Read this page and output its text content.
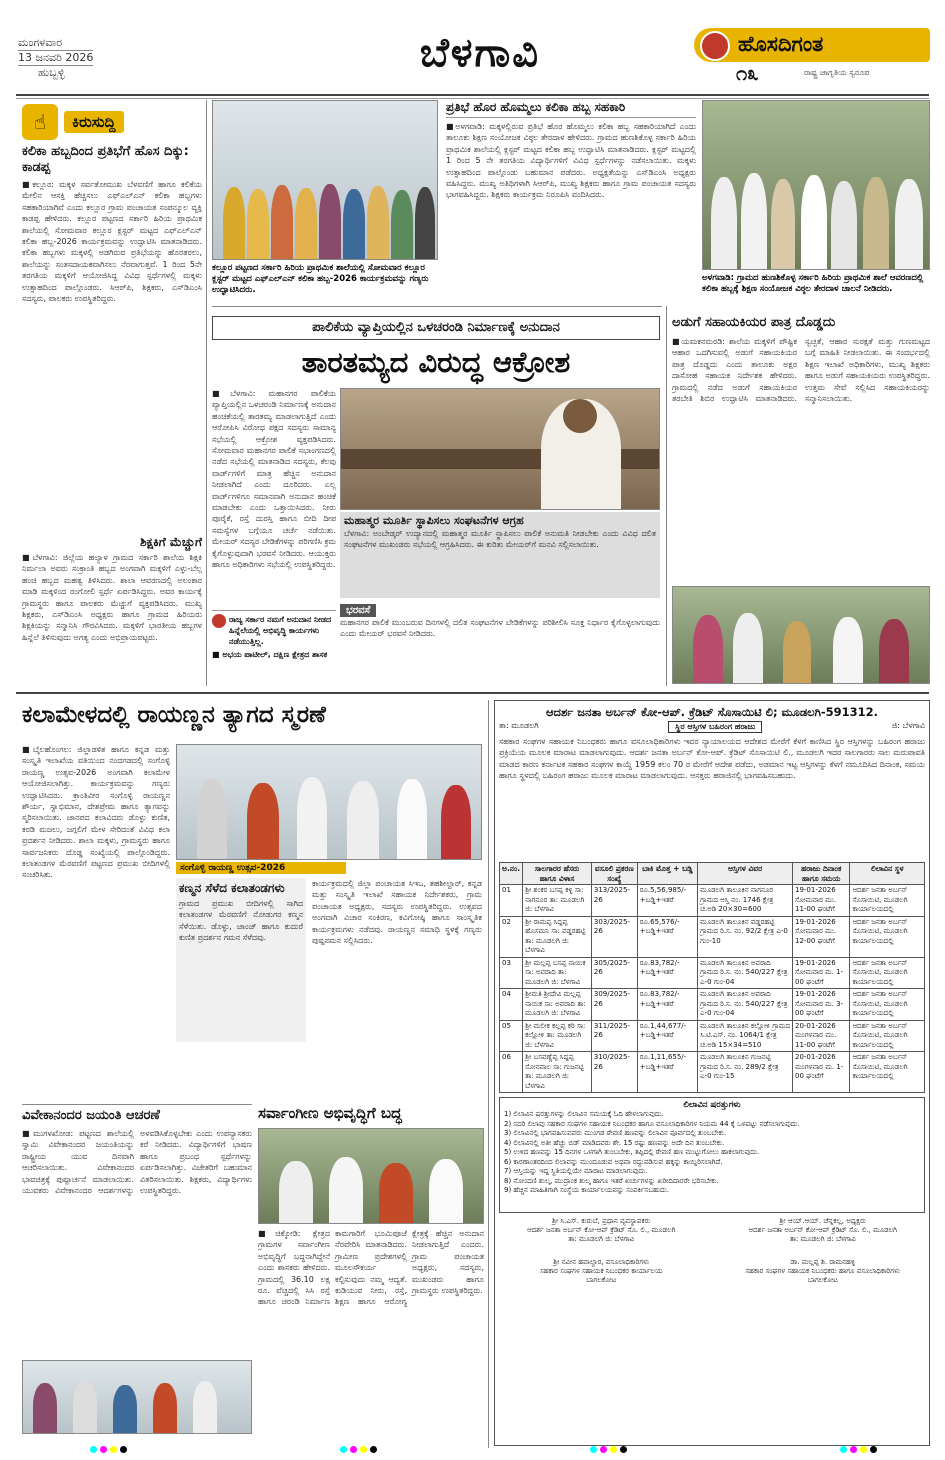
ಮಂಗಳವಾರ
13 ಜನವರಿ 2026
ಹುಬ್ಬಳ್ಳಿ	ಬೆಳಗಾವಿ	ಹೊಸದಿಗಂತ
೧೩	ರಾಷ್ಟ್ರ ಜಾಗೃತಿಯ ಸ್ವರೂಪ
☝	ಕಿರುಸುದ್ದಿ
ಕಲಿಕಾ ಹಬ್ಬದಿಂದ ಪ್ರತಿಭೆಗೆ ಹೊಸ ದಿಕ್ಕು: ಕಾಡಪ್ಪ
■ಕಲ್ಲೂರ: ಮಕ್ಕಳ ಸರ್ವತೋಮುಖ ಬೆಳವಣಿಗೆ ಹಾಗೂ ಕಲಿಕೆಯ ಮೇಲಿನ ಆಸಕ್ತಿ ಹೆಚ್ಚಿಸಲು ಎಫ್‌ಎಲ್‌ಎನ್ ಕಲಿಕಾ ಹಬ್ಬಗಳು ಸಹಕಾರಿಯಾಗಿವೆ ಎಂದು ಕಲ್ಲೂರ ಗ್ರಾಮ ಪಂಚಾಯತ ಸಂಪನ್ಮೂಲ ವ್ಯಕ್ತಿ ಕಾಡಪ್ಪ ಹೇಳಿದರು. ಕಲ್ಲೂರ ಪಟ್ಟಣದ ಸರ್ಕಾರಿ ಹಿರಿಯ ಪ್ರಾಥಮಿಕ ಶಾಲೆಯಲ್ಲಿ ಸೋಮವಾರ ಕಲ್ಲೂರ ಕ್ಲಸ್ಟರ್ ಮಟ್ಟದ ಎಫ್‌ಎಲ್‌ಎನ್ ಕಲಿಕಾ ಹಬ್ಬ-2026 ಕಾರ್ಯಕ್ರಮವನ್ನು ಉದ್ಘಾಟಿಸಿ ಮಾತನಾಡಿದರು. ಕಲಿಕಾ ಹಬ್ಬಗಳು ಮಕ್ಕಳಲ್ಲಿ ಅಡಗಿರುವ ಪ್ರತಿಭೆಯನ್ನು ಹೊರತರಲು, ಶಾಲೆಯನ್ನು ಸಂತಸದಾಯಕವಾಗಿಸಲು ನೆರವಾಗುತ್ತವೆ. 1 ರಿಂದ 5ನೇ ತರಗತಿಯ ಮಕ್ಕಳಿಗೆ ಆಯೋಜಿಸಿದ್ದ ವಿವಿಧ ಸ್ಪರ್ಧೆಗಳಲ್ಲಿ ಮಕ್ಕಳು ಉತ್ಸಾಹದಿಂದ ಪಾಲ್ಗೊಂಡರು. ಸಿಆರ್‌ಪಿ, ಶಿಕ್ಷಕರು, ಎಸ್‌ಡಿಎಂಸಿ ಸದಸ್ಯರು, ಪಾಲಕರು ಉಪಸ್ಥಿತರಿದ್ದರು.
ಶಿಕ್ಷಕಿಗೆ ಮೆಚ್ಚುಗೆ
■ಬೆಳಗಾವಿ: ಜಿಲ್ಲೆಯ ಹಲ್ಯಾಳ ಗ್ರಾಮದ ಸರ್ಕಾರಿ ಶಾಲೆಯ ಶಿಕ್ಷಕಿ ನಿರ್ಮಲಾ ಅವರು ಸಂಕ್ರಾಂತಿ ಹಬ್ಬದ ಅಂಗವಾಗಿ ಮಕ್ಕಳಿಗೆ ಎಳ್ಳು-ಬೆಲ್ಲ ಹಂಚಿ ಹಬ್ಬದ ಮಹತ್ವ ತಿಳಿಸಿದರು. ಶಾಲಾ ಆವರಣದಲ್ಲಿ ಅಲಂಕಾರ ಮಾಡಿ ಮಕ್ಕಳಿಂದ ರಂಗೋಲಿ ಸ್ಪರ್ಧೆ ಏರ್ಪಡಿಸಿದ್ದರು. ಅವರ ಕಾರ್ಯಕ್ಕೆ ಗ್ರಾಮಸ್ಥರು ಹಾಗೂ ಪಾಲಕರು ಮೆಚ್ಚುಗೆ ವ್ಯಕ್ತಪಡಿಸಿದರು. ಮುಖ್ಯ ಶಿಕ್ಷಕರು, ಎಸ್‌ಡಿಎಂಸಿ ಅಧ್ಯಕ್ಷರು ಹಾಗೂ ಗ್ರಾಮದ ಹಿರಿಯರು ಶಿಕ್ಷಕಿಯನ್ನು ಸನ್ಮಾನಿಸಿ ಗೌರವಿಸಿದರು. ಮಕ್ಕಳಿಗೆ ಭಾರತೀಯ ಹಬ್ಬಗಳ ಹಿನ್ನೆಲೆ ತಿಳಿಸುವುದು ಅಗತ್ಯ ಎಂದು ಅಭಿಪ್ರಾಯಪಟ್ಟರು.
ಕಲ್ಲೂರ ಪಟ್ಟಣದ ಸರ್ಕಾರಿ ಹಿರಿಯ ಪ್ರಾಥಮಿಕ ಶಾಲೆಯಲ್ಲಿ ಸೋಮವಾರ ಕಲ್ಲೂರ ಕ್ಲಸ್ಟರ್ ಮಟ್ಟದ ಎಫ್‌ಎಲ್‌ಎನ್ ಕಲಿಕಾ ಹಬ್ಬ-2026 ಕಾರ್ಯಕ್ರಮವನ್ನು ಗಣ್ಯರು ಉದ್ಘಾಟಿಸಿದರು.
ಪ್ರತಿಭೆ ಹೊರ ಹೊಮ್ಮಲು ಕಲಿಕಾ ಹಬ್ಬ ಸಹಕಾರಿ
■ಅಳಗವಾಡಿ: ಮಕ್ಕಳಲ್ಲಿರುವ ಪ್ರತಿಭೆ ಹೊರ ಹೊಮ್ಮಲು ಕಲಿಕಾ ಹಬ್ಬ ಸಹಕಾರಿಯಾಗಿದೆ ಎಂದು ತಾಲೂಕು ಶಿಕ್ಷಣ ಸಂಯೋಜಕ ವಿಠ್ಠಲ ತೇರದಾಳ ಹೇಳಿದರು. ಗ್ರಾಮದ ಹುಣಶಿಕೊಳ್ಳ ಸರ್ಕಾರಿ ಹಿರಿಯ ಪ್ರಾಥಮಿಕ ಶಾಲೆಯಲ್ಲಿ ಕ್ಲಸ್ಟರ್ ಮಟ್ಟದ ಕಲಿಕಾ ಹಬ್ಬ ಉದ್ಘಾಟಿಸಿ ಮಾತನಾಡಿದರು. ಕ್ಲಸ್ಟರ್ ಮಟ್ಟದಲ್ಲಿ 1 ರಿಂದ 5 ನೇ ತರಗತಿಯ ವಿದ್ಯಾರ್ಥಿಗಳಿಗೆ ವಿವಿಧ ಸ್ಪರ್ಧೆಗಳನ್ನು ನಡೆಸಲಾಯಿತು. ಮಕ್ಕಳು ಉತ್ಸಾಹದಿಂದ ಪಾಲ್ಗೊಂಡು ಬಹುಮಾನ ಪಡೆದರು. ಅಧ್ಯಕ್ಷತೆಯನ್ನು ಎಸ್‌ಡಿಎಂಸಿ ಅಧ್ಯಕ್ಷರು ವಹಿಸಿದ್ದರು. ಮುಖ್ಯ ಅತಿಥಿಗಳಾಗಿ ಸಿಆರ್‌ಪಿ, ಮುಖ್ಯ ಶಿಕ್ಷಕರು ಹಾಗೂ ಗ್ರಾಮ ಪಂಚಾಯತ ಸದಸ್ಯರು ಭಾಗವಹಿಸಿದ್ದರು. ಶಿಕ್ಷಕರು ಕಾರ್ಯಕ್ರಮ ನಿರೂಪಿಸಿ ವಂದಿಸಿದರು.
ಅಳಗವಾಡಿ: ಗ್ರಾಮದ ಹುಣಶಿಕೊಳ್ಳ ಸರ್ಕಾರಿ ಹಿರಿಯ ಪ್ರಾಥಮಿಕ ಶಾಲೆ ಆವರಣದಲ್ಲಿ ಕಲಿಕಾ ಹಬ್ಬಕ್ಕೆ ಶಿಕ್ಷಣ ಸಂಯೋಜಕ ವಿಠ್ಠಲ ತೇರದಾಳ ಚಾಲನೆ ನೀಡಿದರು.
ಪಾಲಿಕೆಯ ವ್ಯಾಪ್ತಿಯಲ್ಲಿನ ಒಳಚರಂಡಿ ನಿರ್ಮಾಣಕ್ಕೆ ಅನುದಾನ
ತಾರತಮ್ಯದ ವಿರುದ್ಧ ಆಕ್ರೋಶ
■ಬೆಳಗಾವಿ: ಮಹಾನಗರ ಪಾಲಿಕೆಯ ವ್ಯಾಪ್ತಿಯಲ್ಲಿನ ಒಳಚರಂಡಿ ನಿರ್ಮಾಣಕ್ಕೆ ಅನುದಾನ ಹಂಚಿಕೆಯಲ್ಲಿ ತಾರತಮ್ಯ ಮಾಡಲಾಗುತ್ತಿದೆ ಎಂದು ಆರೋಪಿಸಿ ವಿರೋಧ ಪಕ್ಷದ ಸದಸ್ಯರು ಸಾಮಾನ್ಯ ಸಭೆಯಲ್ಲಿ ಆಕ್ರೋಶ ವ್ಯಕ್ತಪಡಿಸಿದರು. ಸೋಮವಾರ ಮಹಾನಗರ ಪಾಲಿಕೆ ಸಭಾಂಗಣದಲ್ಲಿ ನಡೆದ ಸಭೆಯಲ್ಲಿ ಮಾತನಾಡಿದ ಸದಸ್ಯರು, ಕೆಲವು ವಾರ್ಡ್‌ಗಳಿಗೆ ಮಾತ್ರ ಹೆಚ್ಚಿನ ಅನುದಾನ ನೀಡಲಾಗಿದೆ ಎಂದು ದೂರಿದರು. ಎಲ್ಲ ವಾರ್ಡ್‌ಗಳಿಗೂ ಸಮಾನವಾಗಿ ಅನುದಾನ ಹಂಚಿಕೆ ಮಾಡಬೇಕು ಎಂದು ಒತ್ತಾಯಿಸಿದರು. ನೀರು ಪೂರೈಕೆ, ರಸ್ತೆ ದುರಸ್ತಿ ಹಾಗೂ ಬೀದಿ ದೀಪ ಸಮಸ್ಯೆಗಳ ಬಗ್ಗೆಯೂ ಚರ್ಚೆ ನಡೆಯಿತು. ಮೇಯರ್ ಸದಸ್ಯರ ಬೇಡಿಕೆಗಳನ್ನು ಪರಿಗಣಿಸಿ ಕ್ರಮ ಕೈಗೊಳ್ಳುವುದಾಗಿ ಭರವಸೆ ನೀಡಿದರು. ಆಯುಕ್ತರು ಹಾಗೂ ಅಧಿಕಾರಿಗಳು ಸಭೆಯಲ್ಲಿ ಉಪಸ್ಥಿತರಿದ್ದರು.
ಮಹಾತ್ಮರ ಮೂರ್ತಿ ಸ್ಥಾಪಿಸಲು ಸಂಘಟನೆಗಳ ಆಗ್ರಹ
ಬೆಳಗಾವಿ: ಅಂಬೇಡ್ಕರ್ ಉದ್ಯಾನದಲ್ಲಿ ಮಹಾತ್ಮರ ಮೂರ್ತಿ ಸ್ಥಾಪಿಸಲು ಪಾಲಿಕೆ ಅನುಮತಿ ನೀಡಬೇಕು ಎಂದು ವಿವಿಧ ದಲಿತ ಸಂಘಟನೆಗಳ ಮುಖಂಡರು ಸಭೆಯಲ್ಲಿ ಆಗ್ರಹಿಸಿದರು. ಈ ಕುರಿತು ಮೇಯರ್‌ಗೆ ಮನವಿ ಸಲ್ಲಿಸಲಾಯಿತು.
ರಾಜ್ಯ ಸರ್ಕಾರ ನಮಗೆ ಅನುದಾನ ನೀಡದ ಹಿನ್ನೆಲೆಯಲ್ಲಿ ಅಭಿವೃದ್ಧಿ ಕಾರ್ಯಗಳು ನಡೆಯುತ್ತಿಲ್ಲ.
■ ಅಭಯ ಪಾಟೀಲ್, ದಕ್ಷಿಣ ಕ್ಷೇತ್ರದ ಶಾಸಕ
ಭರವಸೆ
ಮಹಾನಗರ ಪಾಲಿಕೆ ಮುಂಬರುವ ದಿನಗಳಲ್ಲಿ ದಲಿತ ಸಂಘಟನೆಗಳ ಬೇಡಿಕೆಗಳನ್ನು ಪರಿಶೀಲಿಸಿ ಸೂಕ್ತ ನಿರ್ಧಾರ ಕೈಗೊಳ್ಳಲಾಗುವುದು ಎಂದು ಮೇಯರ್ ಭರವಸೆ ನೀಡಿದರು.
ಅಡುಗೆ ಸಹಾಯಕಿಯರ ಪಾತ್ರ ದೊಡ್ಡದು
■ಯಮಕನಮರಡಿ: ಶಾಲೆಯ ಮಕ್ಕಳಿಗೆ ಪೌಷ್ಟಿಕ ಆಹಾರ ಒದಗಿಸುವಲ್ಲಿ ಅಡುಗೆ ಸಹಾಯಕಿಯರ ಪಾತ್ರ ದೊಡ್ಡದು ಎಂದು ತಾಲೂಕು ಅಕ್ಷರ ದಾಸೋಹ ಸಹಾಯಕ ನಿರ್ದೇಶಕ ಹೇಳಿದರು. ಗ್ರಾಮದಲ್ಲಿ ನಡೆದ ಅಡುಗೆ ಸಹಾಯಕಿಯರ ತರಬೇತಿ ಶಿಬಿರ ಉದ್ಘಾಟಿಸಿ ಮಾತನಾಡಿದರು. ಸ್ವಚ್ಛತೆ, ಆಹಾರ ಸುರಕ್ಷತೆ ಮತ್ತು ಗುಣಮಟ್ಟದ ಬಗ್ಗೆ ಮಾಹಿತಿ ನೀಡಲಾಯಿತು. ಈ ಸಂದರ್ಭದಲ್ಲಿ ಶಿಕ್ಷಣ ಇಲಾಖೆ ಅಧಿಕಾರಿಗಳು, ಮುಖ್ಯ ಶಿಕ್ಷಕರು ಹಾಗೂ ಅಡುಗೆ ಸಹಾಯಕಿಯರು ಉಪಸ್ಥಿತರಿದ್ದರು. ಉತ್ತಮ ಸೇವೆ ಸಲ್ಲಿಸಿದ ಸಹಾಯಕಿಯರನ್ನು ಸನ್ಮಾನಿಸಲಾಯಿತು.
ಕಲಾಮೇಳದಲ್ಲಿ ರಾಯಣ್ಣನ ತ್ಯಾಗದ ಸ್ಮರಣೆ
■ಬೈಲಹೊಂಗಲ: ಜಿಲ್ಲಾಡಳಿತ ಹಾಗೂ ಕನ್ನಡ ಮತ್ತು ಸಂಸ್ಕೃತಿ ಇಲಾಖೆಯ ವತಿಯಿಂದ ನಂದಗಡದಲ್ಲಿ ಸಂಗೊಳ್ಳಿ ರಾಯಣ್ಣ ಉತ್ಸವ-2026 ಅಂಗವಾಗಿ ಕಲಾಮೇಳ ಆಯೋಜಿಸಲಾಗಿತ್ತು. ಕಾರ್ಯಕ್ರಮವನ್ನು ಗಣ್ಯರು ಉದ್ಘಾಟಿಸಿದರು. ಕ್ರಾಂತಿವೀರ ಸಂಗೊಳ್ಳಿ ರಾಯಣ್ಣನ ಶೌರ್ಯ, ಸ್ವಾಭಿಮಾನ, ದೇಶಪ್ರೇಮ ಹಾಗೂ ತ್ಯಾಗವನ್ನು ಸ್ಮರಿಸಲಾಯಿತು. ಜಾನಪದ ಕಲಾವಿದರು ಡೊಳ್ಳು ಕುಣಿತ, ಕರಡಿ ಮಜಲು, ಜಗ್ಗಲಿಗೆ ಮೇಳ ಸೇರಿದಂತೆ ವಿವಿಧ ಕಲಾ ಪ್ರದರ್ಶನ ನೀಡಿದರು. ಶಾಲಾ ಮಕ್ಕಳು, ಗ್ರಾಮಸ್ಥರು ಹಾಗೂ ಸಾರ್ವಜನಿಕರು ದೊಡ್ಡ ಸಂಖ್ಯೆಯಲ್ಲಿ ಪಾಲ್ಗೊಂಡಿದ್ದರು. ಕಲಾತಂಡಗಳ ಮೆರವಣಿಗೆ ಪಟ್ಟಣದ ಪ್ರಮುಖ ಬೀದಿಗಳಲ್ಲಿ ಸಂಚರಿಸಿತು.
ಸಂಗೊಳ್ಳಿ ರಾಯಣ್ಣ ಉತ್ಸವ-2026
ಕಣ್ಮನ ಸೆಳೆದ ಕಲಾತಂಡಗಳು
ಗ್ರಾಮದ ಪ್ರಮುಖ ಬೀದಿಗಳಲ್ಲಿ ಸಾಗಿದ ಕಲಾತಂಡಗಳ ಮೆರವಣಿಗೆ ನೋಡುಗರ ಕಣ್ಮನ ಸೆಳೆಯಿತು. ಡೊಳ್ಳು, ಜಾಂಜ್ ಹಾಗೂ ಕುದುರೆ ಕುಣಿತ ಪ್ರದರ್ಶನ ಗಮನ ಸೆಳೆದವು.
ಕಾರ್ಯಕ್ರಮದಲ್ಲಿ ಜಿಲ್ಲಾ ಪಂಚಾಯತ ಸಿಇಒ, ತಹಶೀಲ್ದಾರ್, ಕನ್ನಡ ಮತ್ತು ಸಂಸ್ಕೃತಿ ಇಲಾಖೆ ಸಹಾಯಕ ನಿರ್ದೇಶಕರು, ಗ್ರಾಮ ಪಂಚಾಯತ ಅಧ್ಯಕ್ಷರು, ಸದಸ್ಯರು ಉಪಸ್ಥಿತರಿದ್ದರು. ಉತ್ಸವದ ಅಂಗವಾಗಿ ವಿಚಾರ ಸಂಕಿರಣ, ಕವಿಗೋಷ್ಠಿ ಹಾಗೂ ಸಾಂಸ್ಕೃತಿಕ ಕಾರ್ಯಕ್ರಮಗಳು ನಡೆದವು. ರಾಯಣ್ಣನ ಸಮಾಧಿ ಸ್ಥಳಕ್ಕೆ ಗಣ್ಯರು ಪುಷ್ಪನಮನ ಸಲ್ಲಿಸಿದರು.
ವಿವೇಕಾನಂದರ ಜಯಂತಿ ಆಚರಣೆ
■ಮುಗಳಖೋಡ: ಪಟ್ಟಣದ ಶಾಲೆಯಲ್ಲಿ ಸ್ವಾಮಿ ವಿವೇಕಾನಂದರ ಜಯಂತಿಯನ್ನು ರಾಷ್ಟ್ರೀಯ ಯುವ ದಿನವಾಗಿ ಆಚರಿಸಲಾಯಿತು. ವಿವೇಕಾನಂದರ ಭಾವಚಿತ್ರಕ್ಕೆ ಪುಷ್ಪಾರ್ಚನೆ ಮಾಡಲಾಯಿತು. ಯುವಕರು ವಿವೇಕಾನಂದರ ಆದರ್ಶಗಳನ್ನು ಅಳವಡಿಸಿಕೊಳ್ಳಬೇಕು ಎಂದು ಉಪನ್ಯಾಸಕರು ಕರೆ ನೀಡಿದರು. ವಿದ್ಯಾರ್ಥಿಗಳಿಗೆ ಭಾಷಣ ಹಾಗೂ ಪ್ರಬಂಧ ಸ್ಪರ್ಧೆಗಳನ್ನು ಏರ್ಪಡಿಸಲಾಗಿತ್ತು. ವಿಜೇತರಿಗೆ ಬಹುಮಾನ ವಿತರಿಸಲಾಯಿತು. ಶಿಕ್ಷಕರು, ವಿದ್ಯಾರ್ಥಿಗಳು ಉಪಸ್ಥಿತರಿದ್ದರು.
ಸರ್ವಾಂಗೀಣ ಅಭಿವೃದ್ಧಿಗೆ ಬದ್ಧ
■ಚಿಕ್ಕೋಡಿ: ಕ್ಷೇತ್ರದ ಗ್ರಾಮಗಳ ಸರ್ವಾಂಗೀಣ ಅಭಿವೃದ್ಧಿಗೆ ಬದ್ಧನಾಗಿದ್ದೇನೆ ಎಂದು ಶಾಸಕರು ಹೇಳಿದರು. ಗ್ರಾಮದಲ್ಲಿ 36.10 ಲಕ್ಷ ರೂ. ವೆಚ್ಚದಲ್ಲಿ ಸಿಸಿ ರಸ್ತೆ ಹಾಗೂ ಚರಂಡಿ ನಿರ್ಮಾಣ ಕಾಮಗಾರಿಗೆ ಭೂಮಿಪೂಜೆ ನೆರವೇರಿಸಿ ಮಾತನಾಡಿದರು. ಗ್ರಾಮೀಣ ಪ್ರದೇಶಗಳಲ್ಲಿ ಮೂಲಸೌಕರ್ಯ ಕಲ್ಪಿಸುವುದು ನಮ್ಮ ಆದ್ಯತೆ. ಕುಡಿಯುವ ನೀರು, ರಸ್ತೆ, ಶಿಕ್ಷಣ ಹಾಗೂ ಆರೋಗ್ಯ ಕ್ಷೇತ್ರಕ್ಕೆ ಹೆಚ್ಚಿನ ಅನುದಾನ ನೀಡಲಾಗುತ್ತಿದೆ ಎಂದರು. ಗ್ರಾಮ ಪಂಚಾಯತ ಅಧ್ಯಕ್ಷರು, ಸದಸ್ಯರು, ಮುಖಂಡರು ಹಾಗೂ ಗ್ರಾಮಸ್ಥರು ಉಪಸ್ಥಿತರಿದ್ದರು.
ಆದರ್ಶ ಜನತಾ ಅರ್ಬನ್ ಕೋ-ಆಪ್. ಕ್ರೆಡಿಟ್ ಸೊಸಾಯಿಟಿ ಲಿ; ಮೂಡಲಗಿ-591312.
ತಾ: ಮೂಡಲಗಿ	ಸ್ಥಿರ ಆಸ್ತಿಗಳ ಬಹಿರಂಗ ಹರಾಜು	ಜಿ: ಬೆಳಗಾವಿ
ಸಹಕಾರ ಸಂಘಗಳ ಸಹಾಯಕ ನಿಬಂಧಕರು ಹಾಗೂ ವಸೂಲಾಧಿಕಾರಿಗಳು ಇವರ ನ್ಯಾಯಾಲಯದ ಆದೇಶದ ಮೇರೆಗೆ ಕೆಳಗೆ ಕಾಣಿಸಿದ ಸ್ಥಿರ ಆಸ್ತಿಗಳನ್ನು ಬಹಿರಂಗ ಹರಾಜು ಪ್ರಕ್ರಿಯೆಯ ಮೂಲಕ ಮಾರಾಟ ಮಾಡಲಾಗುವುದು. ಆದರ್ಶ ಜನತಾ ಅರ್ಬನ್ ಕೋ-ಆಪ್. ಕ್ರೆಡಿಟ್ ಸೊಸಾಯಿಟಿ ಲಿ., ಮೂಡಲಗಿ ಇದರ ಸಾಲಗಾರರು ಸಾಲ ಮರುಪಾವತಿ ಮಾಡದ ಕಾರಣ ಕರ್ನಾಟಕ ಸಹಕಾರ ಸಂಘಗಳ ಕಾಯ್ದೆ 1959 ಕಲಂ 70 ರ ಮೇರೆಗೆ ಆದೇಶ ಪಡೆದು, ಅಡಮಾನ ಇಟ್ಟ ಆಸ್ತಿಗಳನ್ನು ಕೆಳಗೆ ನಮೂದಿಸಿದ ದಿನಾಂಕ, ಸಮಯ ಹಾಗೂ ಸ್ಥಳದಲ್ಲಿ ಬಹಿರಂಗ ಹರಾಜು ಮೂಲಕ ಮಾರಾಟ ಮಾಡಲಾಗುವುದು. ಆಸಕ್ತರು ಹರಾಜಿನಲ್ಲಿ ಭಾಗವಹಿಸಬಹುದು.
ಅ.ನಂ.	ಸಾಲಗಾರರ ಹೆಸರು ಹಾಗೂ ವಿಳಾಸ	ವಸೂಲಿ ಪ್ರಕರಣ ಸಂಖ್ಯೆ	ಬಾಕಿ ಮೊತ್ತ + ಬಡ್ಡಿ	ಆಸ್ತಿಗಳ ವಿವರ	ಹರಾಜು ದಿನಾಂಕ ಹಾಗೂ ಸಮಯ	ಲಿಲಾವಿನ ಸ್ಥಳ
01	ಶ್ರೀ ಶಂಕರ ಬಸಪ್ಪ ಕಳ್ಳಿ ಸಾ: ನಾಗನೂರ ತಾ: ಮೂಡಲಗಿ ಜಿ: ಬೆಳಗಾವಿ	313/2025-26	ರೂ.5,56,985/- +ಬಡ್ಡಿ+ಇತರೆ	ಮೂಡಲಗಿ ತಾಲೂಕಿನ ನಾಗನೂರ ಗ್ರಾಮದ ಆಸ್ತಿ ನಂ. 1746 ಕ್ಷೇತ್ರ ಚ.ಅಡಿ 20×30=600	19-01-2026 ಸೋಮವಾರ ಮು. 11-00 ಘಂಟೆಗೆ	ಆದರ್ಶ ಜನತಾ ಅರ್ಬನ್ ಸೊಸಾಯಿಟಿ, ಮೂಡಲಗಿ ಕಾರ್ಯಾಲಯದಲ್ಲಿ
02	ಶ್ರೀ ರಾಮಪ್ಪ ಸಿದ್ದಪ್ಪ ಹೊಸಮನಿ ಸಾ: ವಡ್ಡರಹಟ್ಟಿ ತಾ: ಮೂಡಲಗಿ ಜಿ: ಬೆಳಗಾವಿ	303/2025-26	ರೂ.65,576/- +ಬಡ್ಡಿ+ಇತರೆ	ಮೂಡಲಗಿ ತಾಲೂಕಿನ ವಡ್ಡರಹಟ್ಟಿ ಗ್ರಾಮದ ರಿ.ಸ. ನಂ. 92/2 ಕ್ಷೇತ್ರ ಎ-0 ಗುಂ-10	19-01-2026 ಸೋಮವಾರ ಮು. 12-00 ಘಂಟೆಗೆ	ಆದರ್ಶ ಜನತಾ ಅರ್ಬನ್ ಸೊಸಾಯಿಟಿ, ಮೂಡಲಗಿ ಕಾರ್ಯಾಲಯದಲ್ಲಿ
03	ಶ್ರೀ ಮಲ್ಲಪ್ಪ ಬಸಪ್ಪ ನಾಯಿಕ ಸಾ: ಅವರಾದಿ ತಾ: ಮೂಡಲಗಿ ಜಿ: ಬೆಳಗಾವಿ	305/2025-26	ರೂ.83,782/- +ಬಡ್ಡಿ+ಇತರೆ	ಮೂಡಲಗಿ ತಾಲೂಕಿನ ಅವರಾದಿ ಗ್ರಾಮದ ರಿ.ಸ. ನಂ. 540/227 ಕ್ಷೇತ್ರ ಎ-0 ಗುಂ-04	19-01-2026 ಸೋಮವಾರ ಮ. 1-00 ಘಂಟೆಗೆ	ಆದರ್ಶ ಜನತಾ ಅರ್ಬನ್ ಸೊಸಾಯಿಟಿ, ಮೂಡಲಗಿ ಕಾರ್ಯಾಲಯದಲ್ಲಿ
04	ಶ್ರೀಮತಿ ಶ್ರೀದೇವಿ ಮಲ್ಲಪ್ಪ ನಾಯಿಕ ಸಾ: ಅವರಾದಿ ತಾ: ಮೂಡಲಗಿ ಜಿ: ಬೆಳಗಾವಿ	309/2025-26	ರೂ.83,782/- +ಬಡ್ಡಿ+ಇತರೆ	ಮೂಡಲಗಿ ತಾಲೂಕಿನ ಅವರಾದಿ ಗ್ರಾಮದ ರಿ.ಸ. ನಂ. 540/227 ಕ್ಷೇತ್ರ ಎ-0 ಗುಂ-04	19-01-2026 ಸೋಮವಾರ ಮ. 3-00 ಘಂಟೆಗೆ	ಆದರ್ಶ ಜನತಾ ಅರ್ಬನ್ ಸೊಸಾಯಿಟಿ, ಮೂಡಲಗಿ ಕಾರ್ಯಾಲಯದಲ್ಲಿ
05	ಶ್ರೀ ಮಲೀಕ ಕಲ್ಲಪ್ಪ ಕರಿ ಸಾ: ಕಲ್ಲೋಳಿ ತಾ: ಮೂಡಲಗಿ ಜಿ: ಬೆಳಗಾವಿ	311/2025-26	ರೂ.1,44,677/- +ಬಡ್ಡಿ+ಇತರೆ	ಮೂಡಲಗಿ ತಾಲೂಕಿನ ಕಲ್ಲೋಳಿ ಗ್ರಾಮದ ಸಿ.ಟಿ.ಎಸ್. ನಂ. 1064/1 ಕ್ಷೇತ್ರ ಚ.ಅಡಿ 15×34=510	20-01-2026 ಮಂಗಳವಾರ ಮು. 11-00 ಘಂಟೆಗೆ	ಆದರ್ಶ ಜನತಾ ಅರ್ಬನ್ ಸೊಸಾಯಿಟಿ, ಮೂಡಲಗಿ ಕಾರ್ಯಾಲಯದಲ್ಲಿ
06	ಶ್ರೀ ಬಸವಣ್ಣೆಪ್ಪ ಸಿದ್ದಪ್ಪ ಸೋನವಾಲ ಸಾ: ಗುಜನಟ್ಟಿ ತಾ: ಮೂಡಲಗಿ ಜಿ: ಬೆಳಗಾವಿ	310/2025-26	ರೂ.1,11,655/- +ಬಡ್ಡಿ+ಇತರೆ	ಮೂಡಲಗಿ ತಾಲೂಕಿನ ಗುಜನಟ್ಟಿ ಗ್ರಾಮದ ರಿ.ಸ. ನಂ. 289/2 ಕ್ಷೇತ್ರ ಎ-0 ಗುಂ-15	20-01-2026 ಮಂಗಳವಾರ ಮ. 1-00 ಘಂಟೆಗೆ	ಆದರ್ಶ ಜನತಾ ಅರ್ಬನ್ ಸೊಸಾಯಿಟಿ, ಮೂಡಲಗಿ ಕಾರ್ಯಾಲಯದಲ್ಲಿ
ಲಿಲಾವಿನ ಷರತ್ತುಗಳು
1) ಲಿಲಾವಿನ ಷರತ್ತುಗಳನ್ನು ಲಿಲಾವಿನ ಸಮಯಕ್ಕೆ ಓದಿ ಹೇಳಲಾಗುವುದು.
2) ಸದರಿ ಲಿಲಾವು ಸಹಕಾರ ಸಂಘಗಳ ಸಹಾಯಕ ನಿಬಂಧಕರ ಹಾಗೂ ವಸೂಲಾಧಿಕಾರಿಗಳ ನಿಯಮ 44 ಕ್ಕೆ ಒಳಪಟ್ಟು ನಡೆಸಲಾಗುವುದು.
3) ಲಿಲಾವಿನಲ್ಲಿ ಭಾಗವಹಿಸುವವರು ಮುಂಗಡ ಠೇವಣಿ ಹಣವನ್ನು ಲಿಲಾವಿನ ಪೂರ್ವದಲ್ಲಿ ತುಂಬಬೇಕು.
4) ಲಿಲಾವಿನಲ್ಲಿ ಅತೀ ಹೆಚ್ಚು ಬಿಡ್ ಮಾಡಿದವರು ಶೇ. 15 ರಷ್ಟು ಹಣವನ್ನು ಅದೇ ದಿನ ತುಂಬಬೇಕು.
5) ಉಳಿದ ಹಣವನ್ನು 15 ದಿನಗಳ ಒಳಗಾಗಿ ತುಂಬಬೇಕು, ತಪ್ಪಿದಲ್ಲಿ ಠೇವಣಿ ಹಣ ಮುಟ್ಟುಗೋಲು ಹಾಕಲಾಗುವುದು.
6) ಕಾರಣಾಂತರದಿಂದ ಲಿಲಾವನ್ನು ಮುಂದೂಡುವ ಅಥವಾ ರದ್ದುಪಡಿಸುವ ಹಕ್ಕನ್ನು ಕಾಯ್ದಿರಿಸಲಾಗಿದೆ.
7) ಆಸ್ತಿಯನ್ನು ಇದ್ದ ಸ್ಥಿತಿಯಲ್ಲಿಯೇ ಮಾರಾಟ ಮಾಡಲಾಗುವುದು.
8) ನೋಂದಣಿ ಶುಲ್ಕ, ಮುದ್ರಾಂಕ ಶುಲ್ಕ ಹಾಗೂ ಇತರೆ ಖರ್ಚುಗಳನ್ನು ಖರೀದಿದಾರರೇ ಭರಿಸಬೇಕು.
9) ಹೆಚ್ಚಿನ ಮಾಹಿತಿಗಾಗಿ ಸಂಸ್ಥೆಯ ಕಾರ್ಯಾಲಯವನ್ನು ಸಂಪರ್ಕಿಸಬಹುದು.
ಶ್ರೀ ಸಿ.ಎಸ್. ಕುರುಬೆ, ಪ್ರಧಾನ ವ್ಯವಸ್ಥಾಪಕರು
ಆದರ್ಶ ಜನತಾ ಅರ್ಬನ್ ಕೋ-ಆಪ್ ಕ್ರೆಡಿಟ್ ಸೊ. ಲಿ., ಮೂಡಲಗಿ
ತಾ: ಮೂಡಲಗಿ ಜಿ: ಬೆಳಗಾವಿ
ಶ್ರೀ ಆಯ್.ಆಯ್. ಚೆನ್ನಕಲ್ಲ, ಅಧ್ಯಕ್ಷರು
ಆದರ್ಶ ಜನತಾ ಅರ್ಬನ್ ಕೋ-ಆಪ್ ಕ್ರೆಡಿಟ್ ಸೊ. ಲಿ., ಮೂಡಲಗಿ
ತಾ: ಮೂಡಲಗಿ ಜಿ: ಬೆಳಗಾವಿ
ಶ್ರೀ ನವೀನ ಹವಾಲ್ದಾರ, ವಸೂಲಾಧಿಕಾರಿಗಳು
ಸಹಕಾರ ಸಂಘಗಳ ಸಹಾಯಕ ನಿಬಂಧಕರ ಕಾರ್ಯಾಲಯ
ಬಾಗಲಕೋಟ
ಡಾ. ಮಲ್ಲಪ್ಪ ಶಿ. ರಾಮನಹಳ್ಳಿ
ಸಹಕಾರ ಸಂಘಗಳ ಸಹಾಯಕ ನಿಬಂಧಕರು ಹಾಗೂ ವಸೂಲಾಧಿಕಾರಿಗಳು
ಬಾಗಲಕೋಟ
